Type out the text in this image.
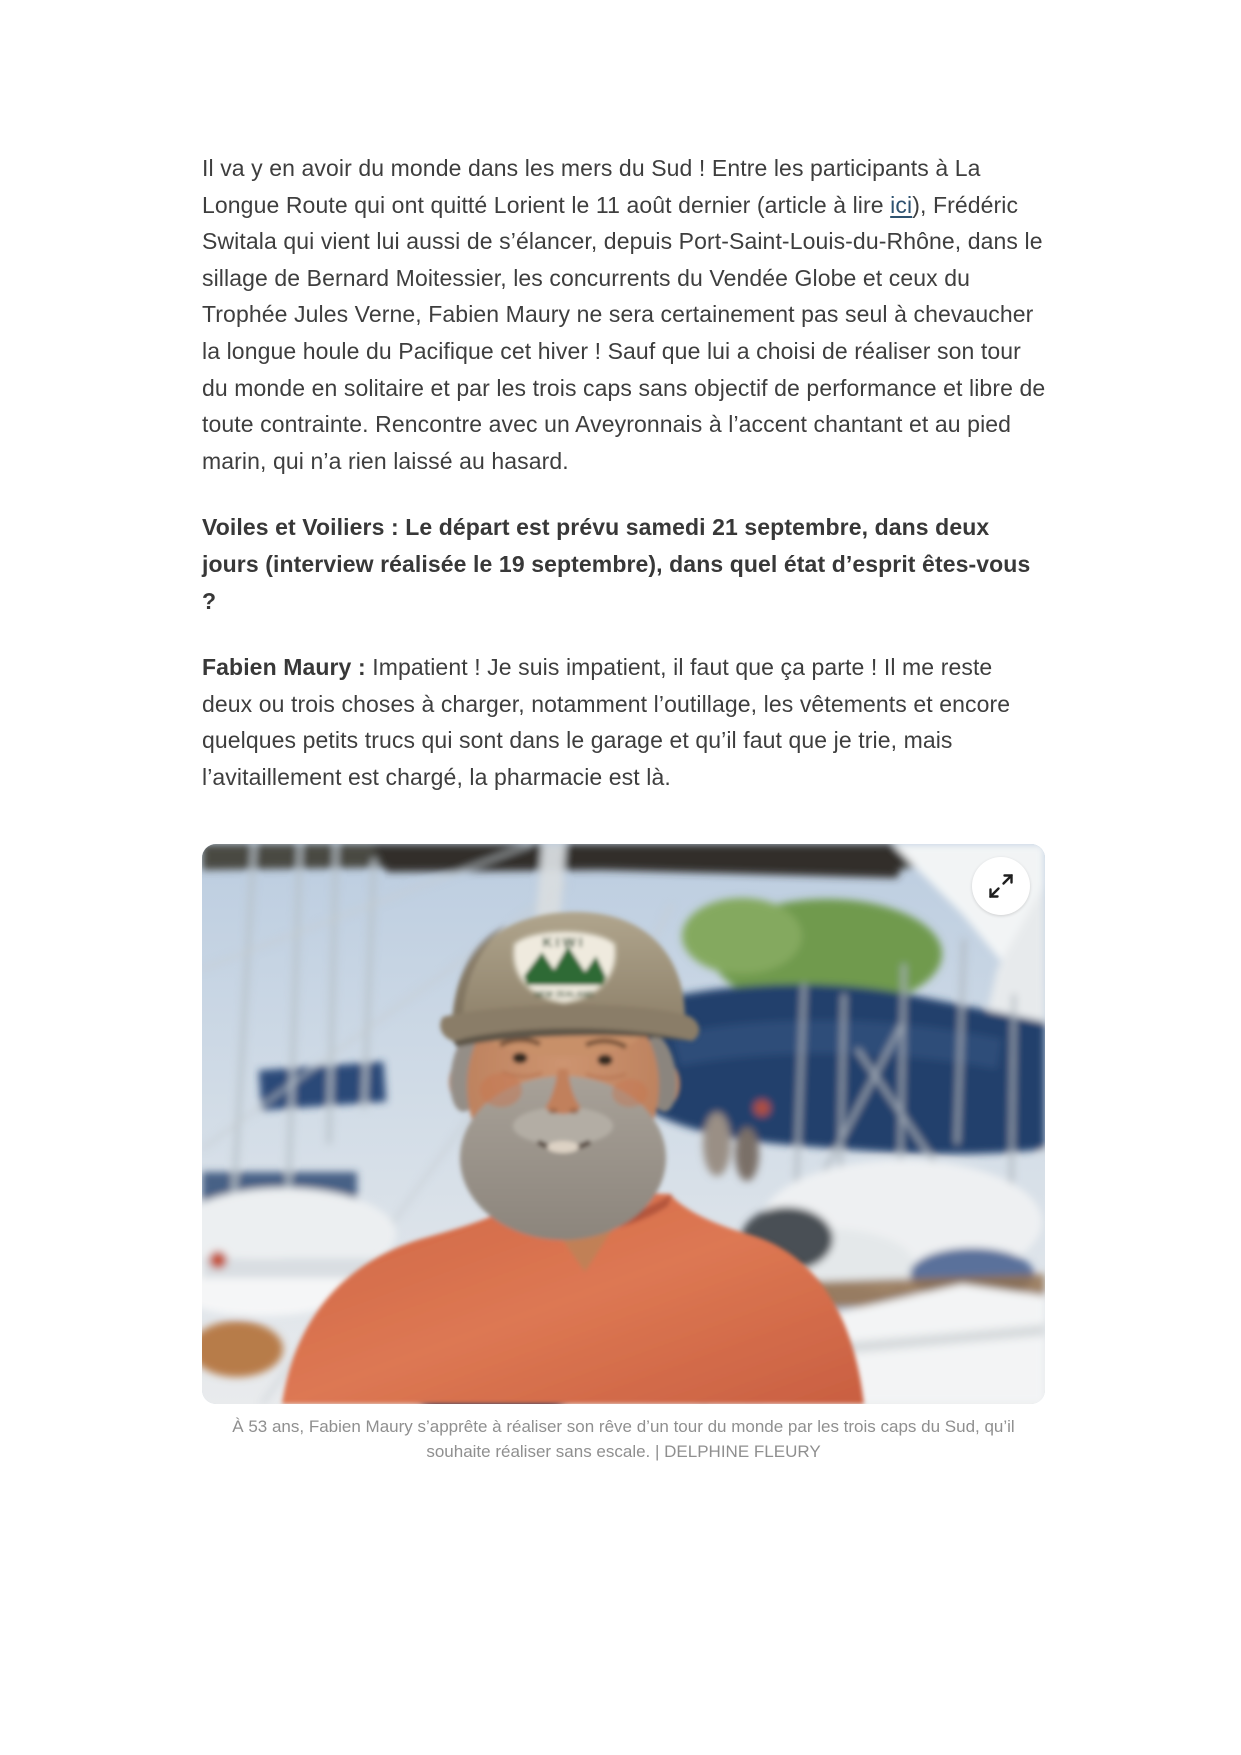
Il va y en avoir du monde dans les mers du Sud ! Entre les participants à La Longue Route qui ont quitté Lorient le 11 août dernier (article à lire ici), Frédéric Switala qui vient lui aussi de s’élancer, depuis Port-Saint-Louis-du-Rhône, dans le sillage de Bernard Moitessier, les concurrents du Vendée Globe et ceux du Trophée Jules Verne, Fabien Maury ne sera certainement pas seul à chevaucher la longue houle du Pacifique cet hiver ! Sauf que lui a choisi de réaliser son tour du monde en solitaire et par les trois caps sans objectif de performance et libre de toute contrainte. Rencontre avec un Aveyronnais à l’accent chantant et au pied marin, qui n’a rien laissé au hasard.

Voiles et Voiliers : Le départ est prévu samedi 21 septembre, dans deux jours (interview réalisée le 19 septembre), dans quel état d’esprit êtes-vous ?

Fabien Maury : Impatient ! Je suis impatient, il faut que ça parte ! Il me reste deux ou trois choses à charger, notamment l’outillage, les vêtements et encore quelques petits trucs qui sont dans le garage et qu’il faut que je trie, mais l’avitaillement est chargé, la pharmacie est là.

KIWI
NEW ZEALAND
À 53 ans, Fabien Maury s’apprête à réaliser son rêve d’un tour du monde par les trois caps du Sud, qu’il souhaite réaliser sans escale. | DELPHINE FLEURY
